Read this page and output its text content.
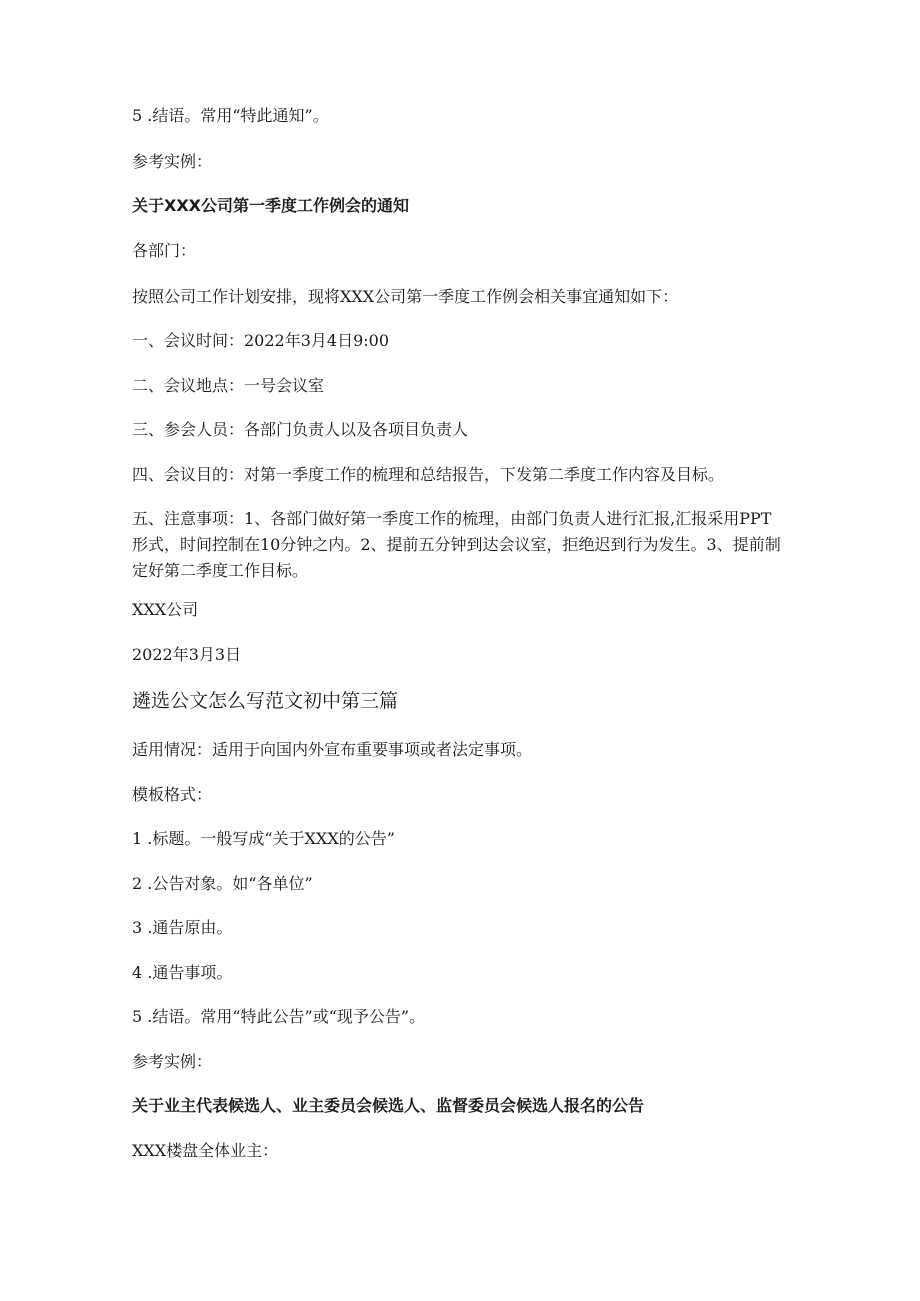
5 .结语。常用“特此通知”。

参考实例：

关于XXX公司第一季度工作例会的通知

各部门：

按照公司工作计划安排，现将XXX公司第一季度工作例会相关事宜通知如下：

一、会议时间：2022年3月4日9:00

二、会议地点：一号会议室

三、参会人员：各部门负责人以及各项目负责人

四、会议目的：对第一季度工作的梳理和总结报告，下发第二季度工作内容及目标。

五、注意事项：1、各部门做好第一季度工作的梳理，由部门负责人进行汇报,汇报采用PPT形式，时间控制在10分钟之内。2、提前五分钟到达会议室，拒绝迟到行为发生。3、提前制定好第二季度工作目标。

XXX公司

2022年3月3日

遴选公文怎么写范文初中第三篇

适用情况：适用于向国内外宣布重要事项或者法定事项。

模板格式：

1 .标题。一般写成“关于XXX的公告”

2 .公告对象。如“各单位”

3 .通告原由。

4 .通告事项。

5 .结语。常用“特此公告”或“现予公告”。

参考实例：

关于业主代表候选人、业主委员会候选人、监督委员会候选人报名的公告

XXX楼盘全体业主：
